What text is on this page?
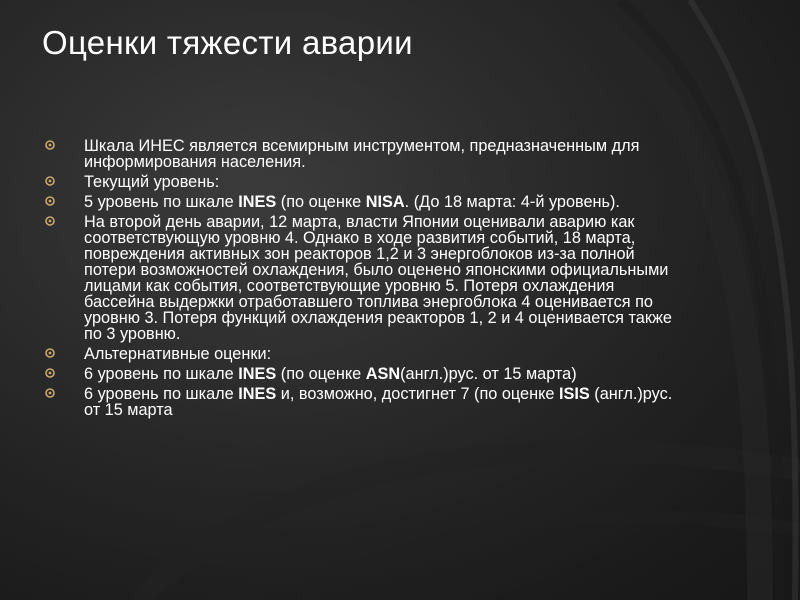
Оценки тяжести аварии
Шкала ИНЕС является всемирным инструментом, предназначенным для информирования населения.
Текущий уровень:
5 уровень по шкале INES (по оценке NISA. (До 18 марта: 4-й уровень).
На второй день аварии, 12 марта, власти Японии оценивали аварию как соответствующую уровню 4. Однако в ходе развития событий, 18 марта, повреждения активных зон реакторов 1,2 и 3 энергоблоков из-за полной потери возможностей охлаждения, было оценено японскими официальными лицами как события, соответствующие уровню 5. Потеря охлаждения бассейна выдержки отработавшего топлива энергоблока 4 оценивается по уровню 3. Потеря функций охлаждения реакторов 1, 2 и 4 оценивается также по 3 уровню.
Альтернативные оценки:
6 уровень по шкале INES (по оценке ASN(англ.)рус. от 15 марта)
6 уровень по шкале INES и, возможно, достигнет 7 (по оценке ISIS (англ.)рус. от 15 марта
